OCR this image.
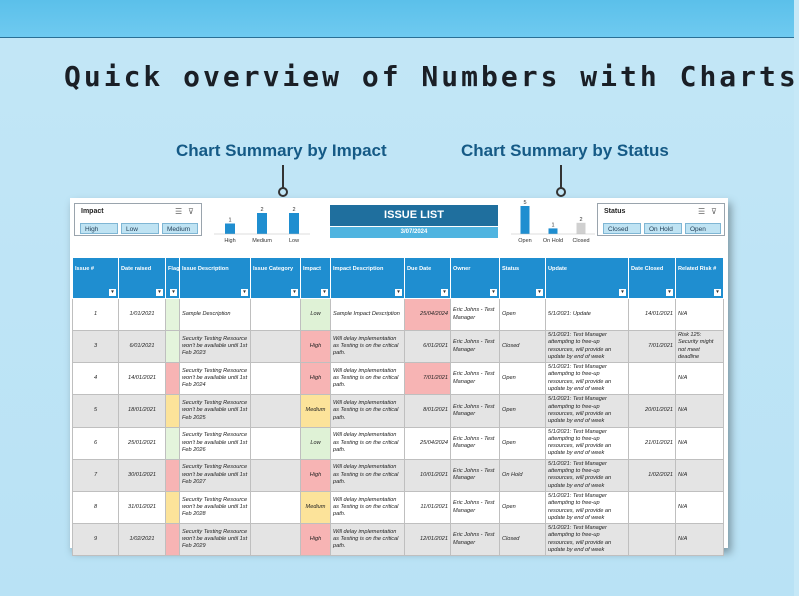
Quick overview of Numbers with Charts
Chart Summary by Impact	Chart Summary by Status
Impact	☰ ⊽
High	Low	Medium
1
High
2
Medium
2
Low
ISSUE LIST
3/07/2024
5
Open
1
On Hold
2
Closed
Status	☰ ⊽
Closed	On Hold	Open
Issue #
▾	Date raised
▾	Flag
▾	Issue Description
▾	Issue Category
▾	Impact
▾	Impact Description
▾	Due Date
▾	Owner
▾	Status
▾	Update
▾	Date Closed
▾	Related Risk #
▾

1	1/01/2021		Sample Description		Low	Sample Impact Description	25/04/2024	Eric Johns - Test Manager	Open	5/1/2021: Update	14/01/2021	N/A
3	6/01/2021		Security Testing Resource won't be available until 1st Feb 2023		High	Will delay implementation as Testing is on the critical path.	6/01/2021	Eric Johns - Test Manager	Closed	5/1/2021: Test Manager attempting to free-up resources, will provide an update by end of week	7/01/2021	Risk 125: Security might not meet deadline
4	14/01/2021		Security Testing Resource won't be available until 1st Feb 2024		High	Will delay implementation as Testing is on the critical path.	7/01/2021	Eric Johns - Test Manager	Open	5/1/2021: Test Manager attempting to free-up resources, will provide an update by end of week		N/A
5	18/01/2021		Security Testing Resource won't be available until 1st Feb 2025		Medium	Will delay implementation as Testing is on the critical path.	8/01/2021	Eric Johns - Test Manager	Open	5/1/2021: Test Manager attempting to free-up resources, will provide an update by end of week	20/01/2021	N/A
6	25/01/2021		Security Testing Resource won't be available until 1st Feb 2026		Low	Will delay implementation as Testing is on the critical path.	25/04/2024	Eric Johns - Test Manager	Open	5/1/2021: Test Manager attempting to free-up resources, will provide an update by end of week	21/01/2021	N/A
7	30/01/2021		Security Testing Resource won't be available until 1st Feb 2027		High	Will delay implementation as Testing is on the critical path.	10/01/2021	Eric Johns - Test Manager	On Hold	5/1/2021: Test Manager attempting to free-up resources, will provide an update by end of week	1/02/2021	N/A
8	31/01/2021		Security Testing Resource won't be available until 1st Feb 2028		Medium	Will delay implementation as Testing is on the critical path.	11/01/2021	Eric Johns - Test Manager	Open	5/1/2021: Test Manager attempting to free-up resources, will provide an update by end of week		N/A
9	1/02/2021		Security Testing Resource won't be available until 1st Feb 2029		High	Will delay implementation as Testing is on the critical path.	12/01/2021	Eric Johns - Test Manager	Closed	5/1/2021: Test Manager attempting to free-up resources, will provide an update by end of week		N/A
